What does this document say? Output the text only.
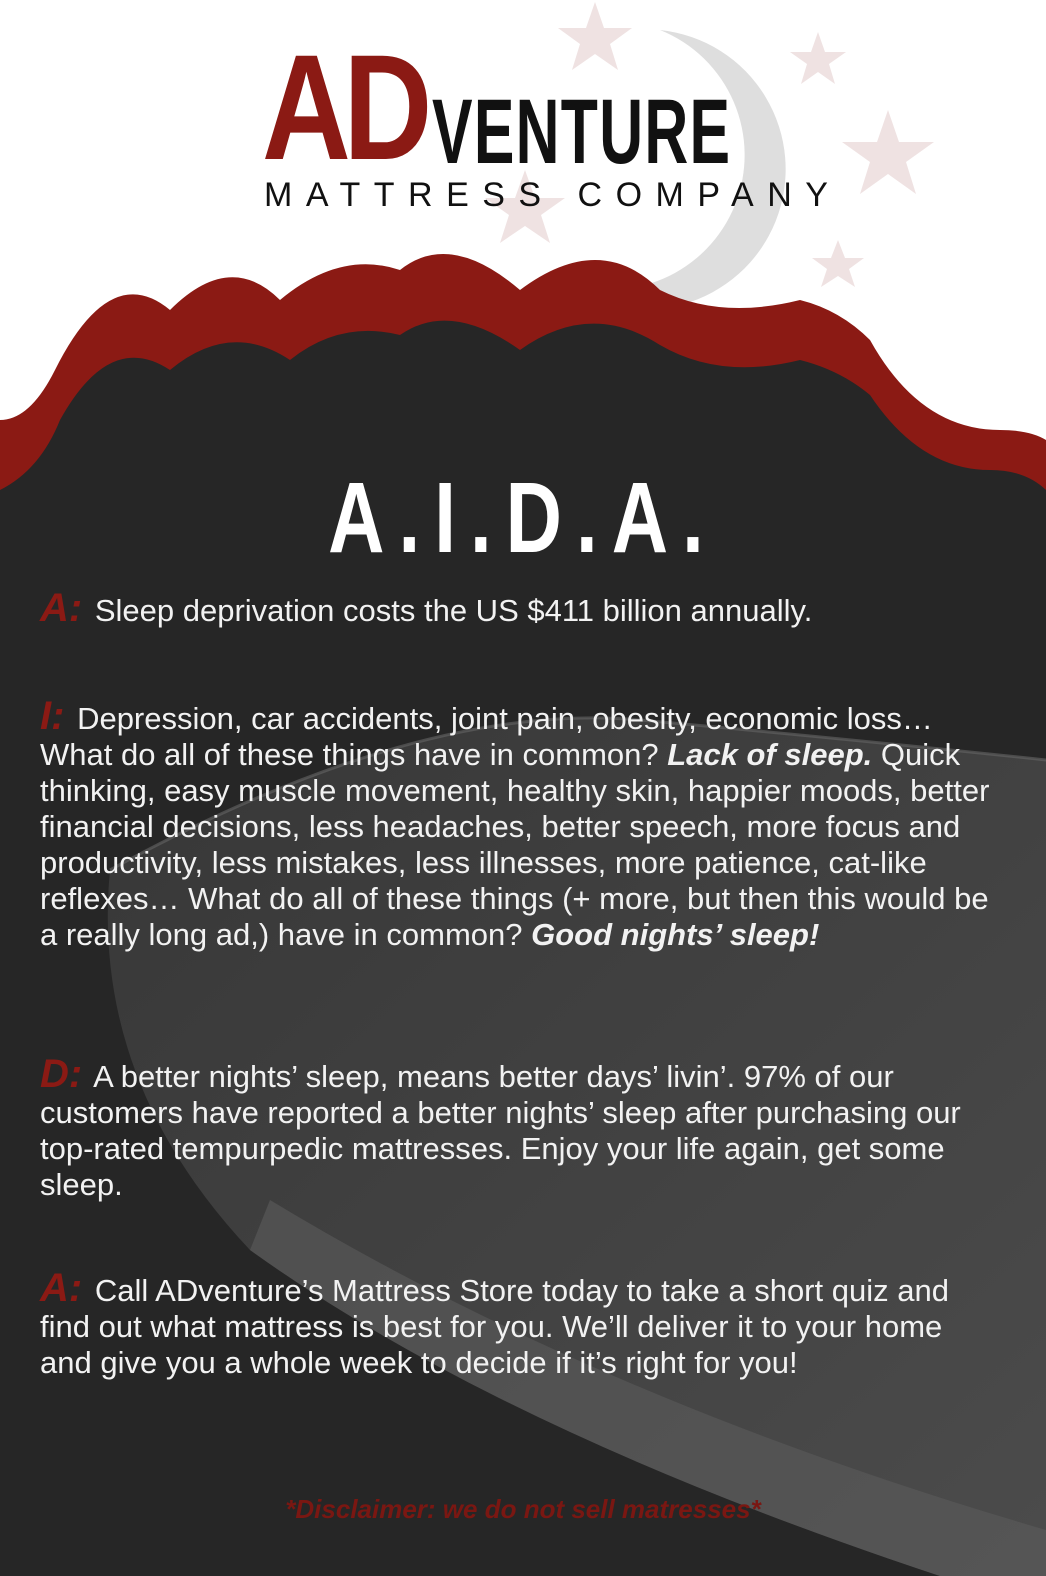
AD VENTURE
MATTRESS COMPANY
A.I.D.A.
A: Sleep deprivation costs the US $411 billion annually.
I: Depression, car accidents, joint pain, obesity, economic loss… What do all of these things have in common? Lack of sleep. Quick thinking, easy muscle movement, healthy skin, happier moods, better financial decisions, less headaches, better speech, more focus and productivity, less mistakes, less illnesses, more patience, cat-like reflexes… What do all of these things (+ more, but then this would be a really long ad,) have in common? Good nights’ sleep!
D: A better nights’ sleep, means better days’ livin’. 97% of our customers have reported a better nights’ sleep after purchasing our top-rated tempurpedic mattresses. Enjoy your life again, get some sleep.
A: Call ADventure’s Mattress Store today to take a short quiz and find out what mattress is best for you. We’ll deliver it to your home and give you a whole week to decide if it’s right for you!
*Disclaimer: we do not sell matresses*
